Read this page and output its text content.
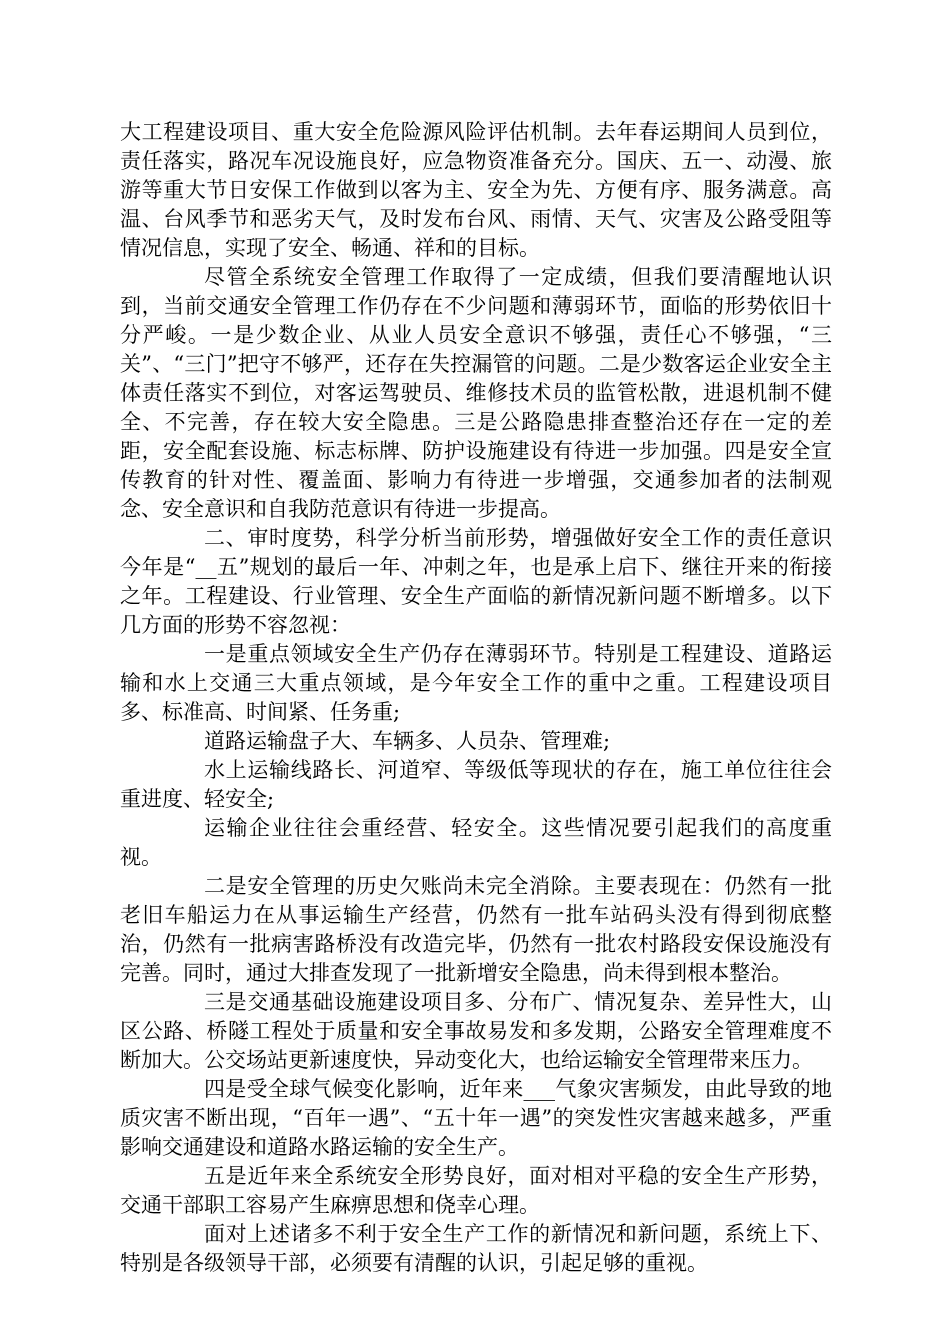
大工程建设项目、重大安全危险源风险评估机制。去年春运期间人员到位，责任落实，路况车况设施良好，应急物资准备充分。国庆、五一、动漫、旅游等重大节日安保工作做到以客为主、安全为先、方便有序、服务满意。高温、台风季节和恶劣天气，及时发布台风、雨情、天气、灾害及公路受阻等情况信息，实现了安全、畅通、祥和的目标。

尽管全系统安全管理工作取得了一定成绩，但我们要清醒地认识到，当前交通安全管理工作仍存在不少问题和薄弱环节，面临的形势依旧十分严峻。一是少数企业、从业人员安全意识不够强，责任心不够强，“三关”、“三门”把守不够严，还存在失控漏管的问题。二是少数客运企业安全主体责任落实不到位，对客运驾驶员、维修技术员的监管松散，进退机制不健全、不完善，存在较大安全隐患。三是公路隐患排查整治还存在一定的差距，安全配套设施、标志标牌、防护设施建设有待进一步加强。四是安全宣传教育的针对性、覆盖面、影响力有待进一步增强，交通参加者的法制观念、安全意识和自我防范意识有待进一步提高。

二、审时度势，科学分析当前形势，增强做好安全工作的责任意识 今年是“__五”规划的最后一年、冲刺之年，也是承上启下、继往开来的衔接之年。工程建设、行业管理、安全生产面临的新情况新问题不断增多。以下几方面的形势不容忽视：

一是重点领域安全生产仍存在薄弱环节。特别是工程建设、道路运输和水上交通三大重点领域，是今年安全工作的重中之重。工程建设项目多、标准高、时间紧、任务重;

道路运输盘子大、车辆多、人员杂、管理难;

水上运输线路长、河道窄、等级低等现状的存在，施工单位往往会重进度、轻安全;

运输企业往往会重经营、轻安全。这些情况要引起我们的高度重视。

二是安全管理的历史欠账尚未完全消除。主要表现在：仍然有一批老旧车船运力在从事运输生产经营，仍然有一批车站码头没有得到彻底整治，仍然有一批病害路桥没有改造完毕，仍然有一批农村路段安保设施没有完善。同时，通过大排查发现了一批新增安全隐患，尚未得到根本整治。

三是交通基础设施建设项目多、分布广、情况复杂、差异性大，山区公路、桥隧工程处于质量和安全事故易发和多发期，公路安全管理难度不断加大。公交场站更新速度快，异动变化大，也给运输安全管理带来压力。

四是受全球气候变化影响，近年来___气象灾害频发，由此导致的地质灾害不断出现，“百年一遇”、“五十年一遇”的突发性灾害越来越多，严重影响交通建设和道路水路运输的安全生产。

五是近年来全系统安全形势良好，面对相对平稳的安全生产形势，交通干部职工容易产生麻痹思想和侥幸心理。

面对上述诸多不利于安全生产工作的新情况和新问题，系统上下、特别是各级领导干部，必须要有清醒的认识，引起足够的重视。
